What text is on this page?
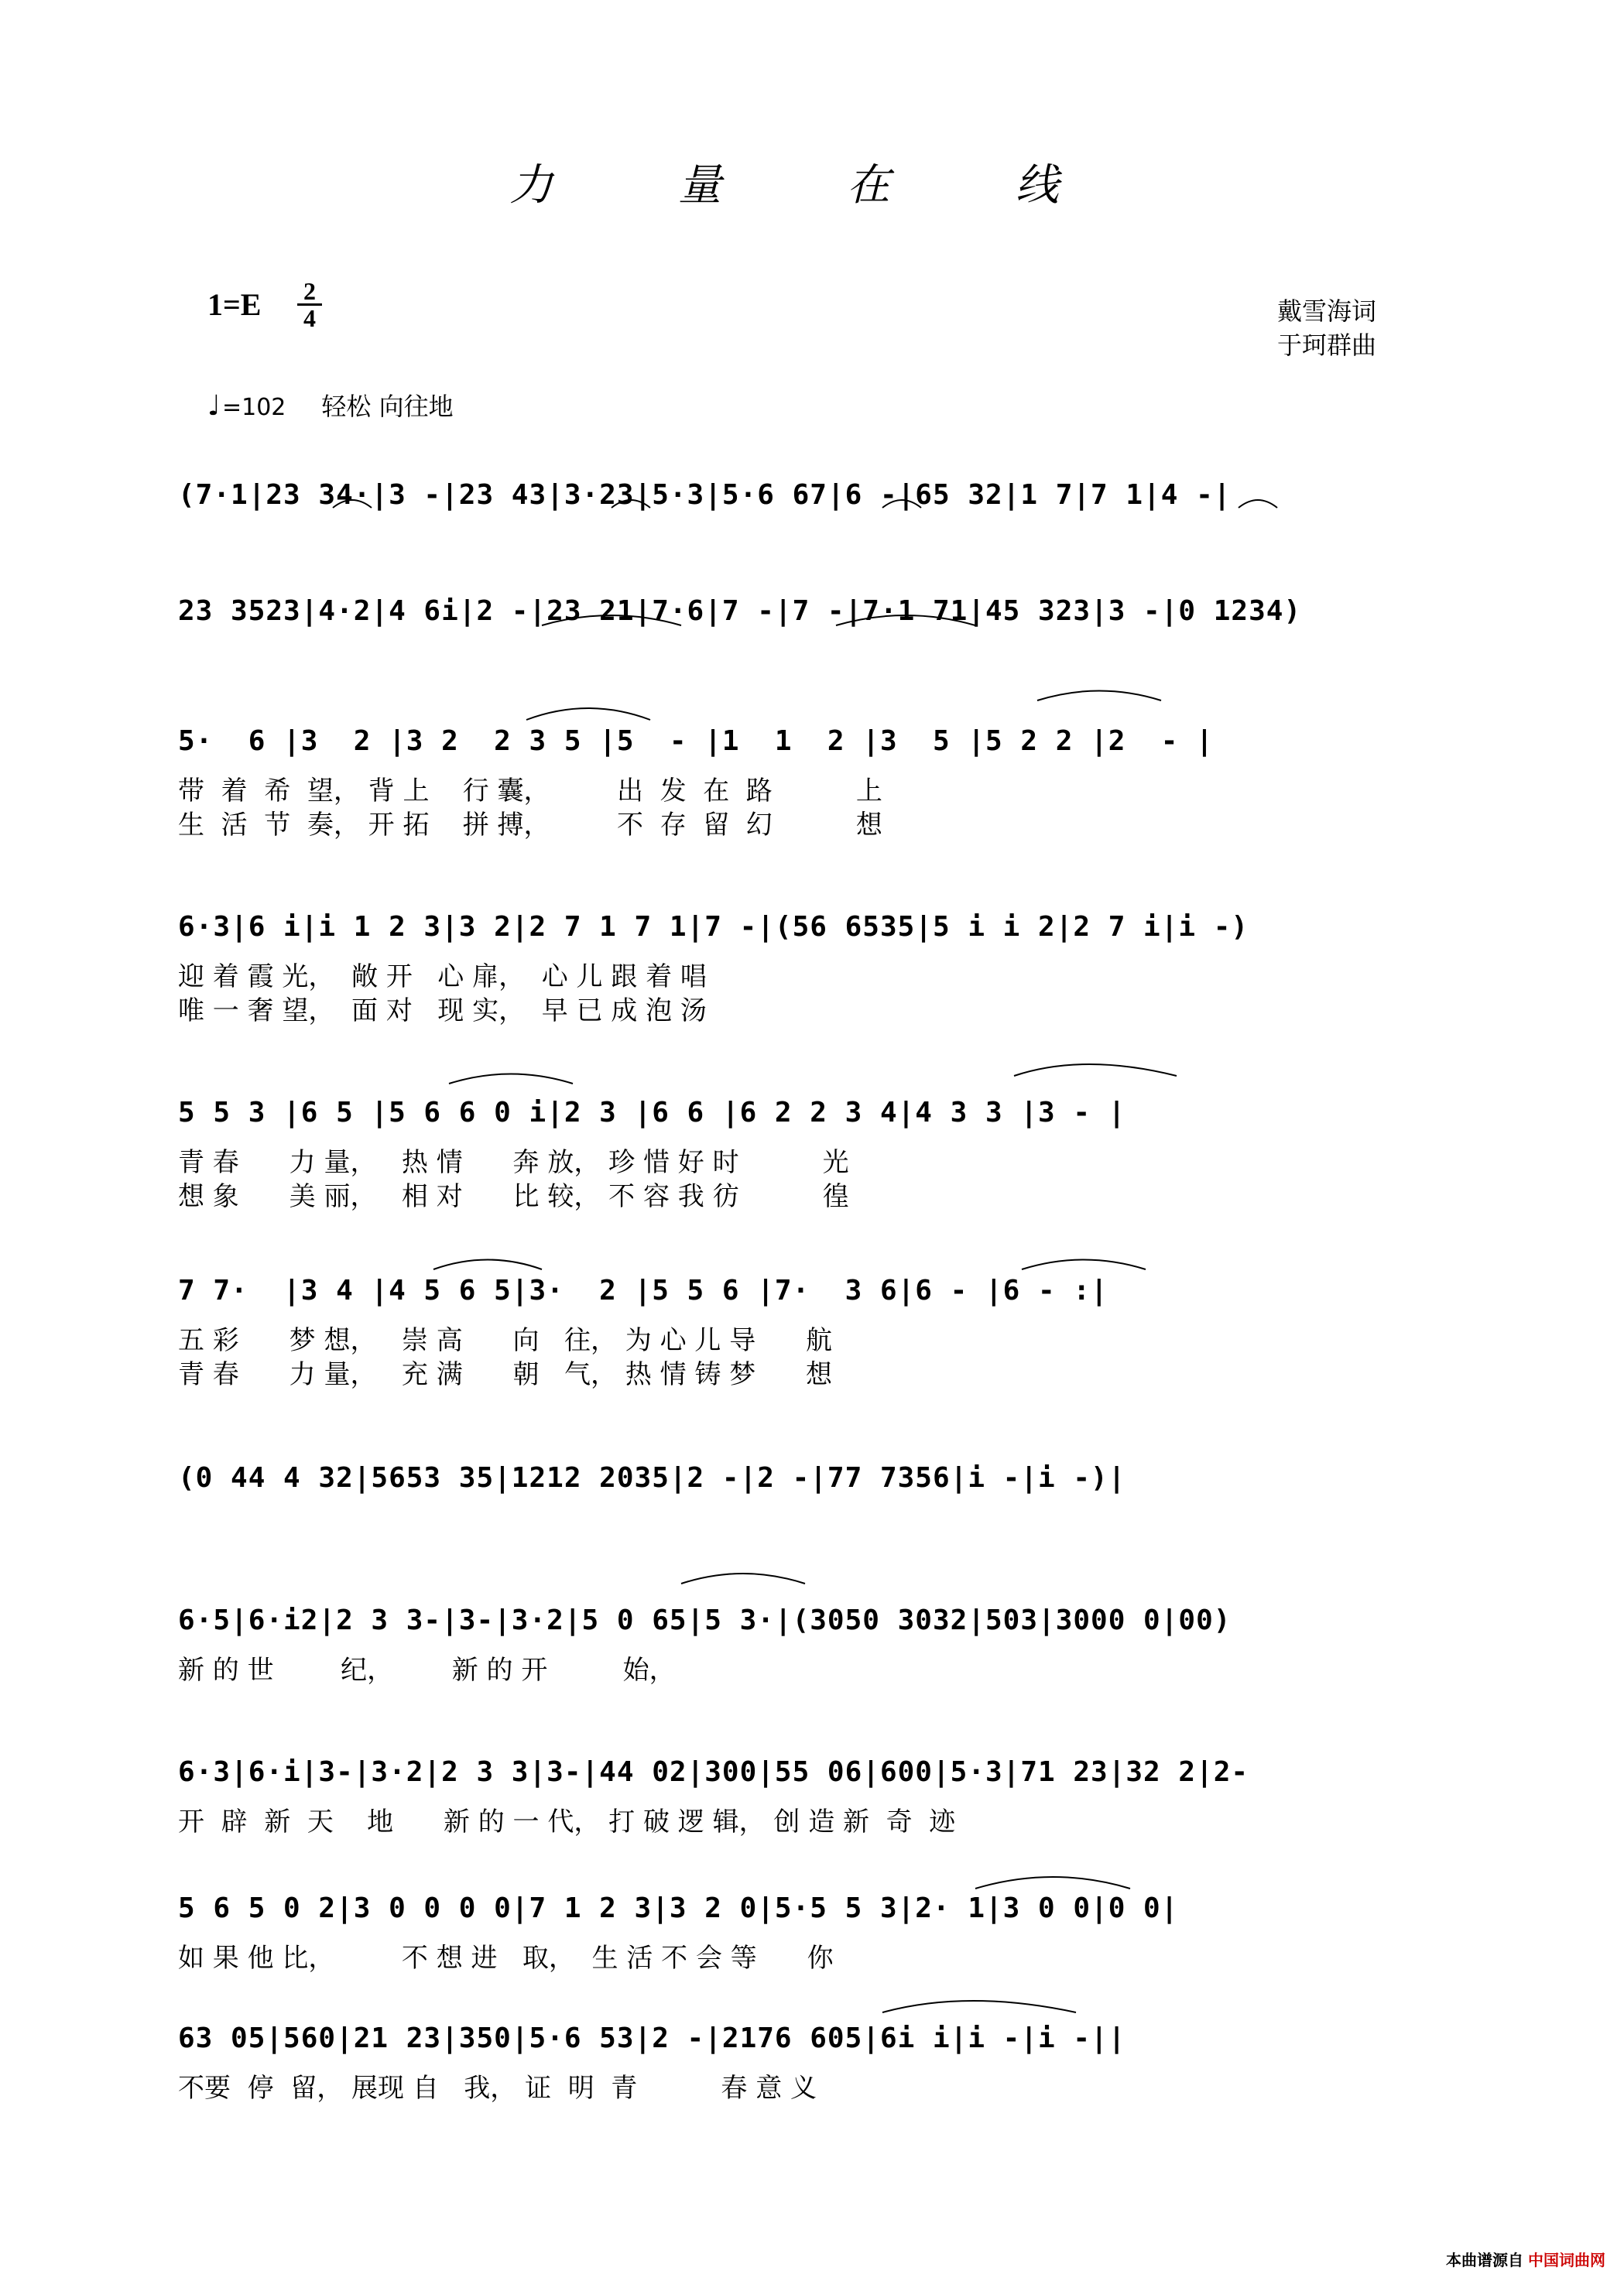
力 量 在 线
1=E	2
4	戴雪海词
于珂群曲
♩=102 轻松 向往地
(7·1|23 34·|3 -|23 43|3·23|5·3|5·6 67|6 -|65 32|1 7|7 1|4 -|
23 3523|4·2|4 6i|2 -|23 21|7·6|7 -|7 -|7·1 71|45 323|3 -|0 1234)
5·  6 |3  2 |3 2  2 3 5 |5  - |1  1  2 |3  5 |5 2 2 |2  - |
带  着  希  望， 背 上    行 囊，        出  发  在  路          上
生  活  节  奏， 开 拓    拼 搏，        不  存  留  幻          想
6·3|6 i|i 1 2 3|3 2|2 7 1 7 1|7 -|(56 6535|5 i i 2|2 7 i|i -)
迎 着 霞 光，  敞 开   心 扉，  心 儿 跟 着 唱
唯 一 奢 望，  面 对   现 实，  早 已 成 泡 汤
5 5 3 |6 5 |5 6 6 0 i|2 3 |6 6 |6 2 2 3 4|4 3 3 |3 - |
青 春      力 量，   热 情      奔 放， 珍 惜 好 时          光
想 象      美 丽，   相 对      比 较， 不 容 我 彷          徨
7 7·  |3 4 |4 5 6 5|3·  2 |5 5 6 |7·  3 6|6 - |6 - :|
五 彩      梦 想，   崇 高      向   往， 为 心 儿 导      航
青 春      力 量，   充 满      朝   气， 热 情 铸 梦      想
(0 44 4 32|5653 35|1212 2035|2 -|2 -|77 7356|i -|i -)|
6·5|6·i2|2 3 3-|3-|3·2|5 0 65|5 3·|(3050 3032|503|3000 0|00)
新 的 世        纪，       新 的 开         始，
6·3|6·i|3-|3·2|2 3 3|3-|44 02|300|55 06|600|5·3|71 23|32 2|2-
开  辟  新  天    地      新 的 一 代， 打 破 逻 辑， 创 造 新  奇  迹
5 6 5 0 2|3 0 0 0 0|7 1 2 3|3 2 0|5·5 5 3|2· 1|3 0 0|0 0|
如 果 他 比，        不 想 进   取，  生 活 不 会 等      你
63 05|560|21 23|350|5·6 53|2 -|2176 605|6i i|i -|i -||
不要  停  留， 展现 自   我， 证  明  青          春 意 义
本曲谱源自 中国词曲网
